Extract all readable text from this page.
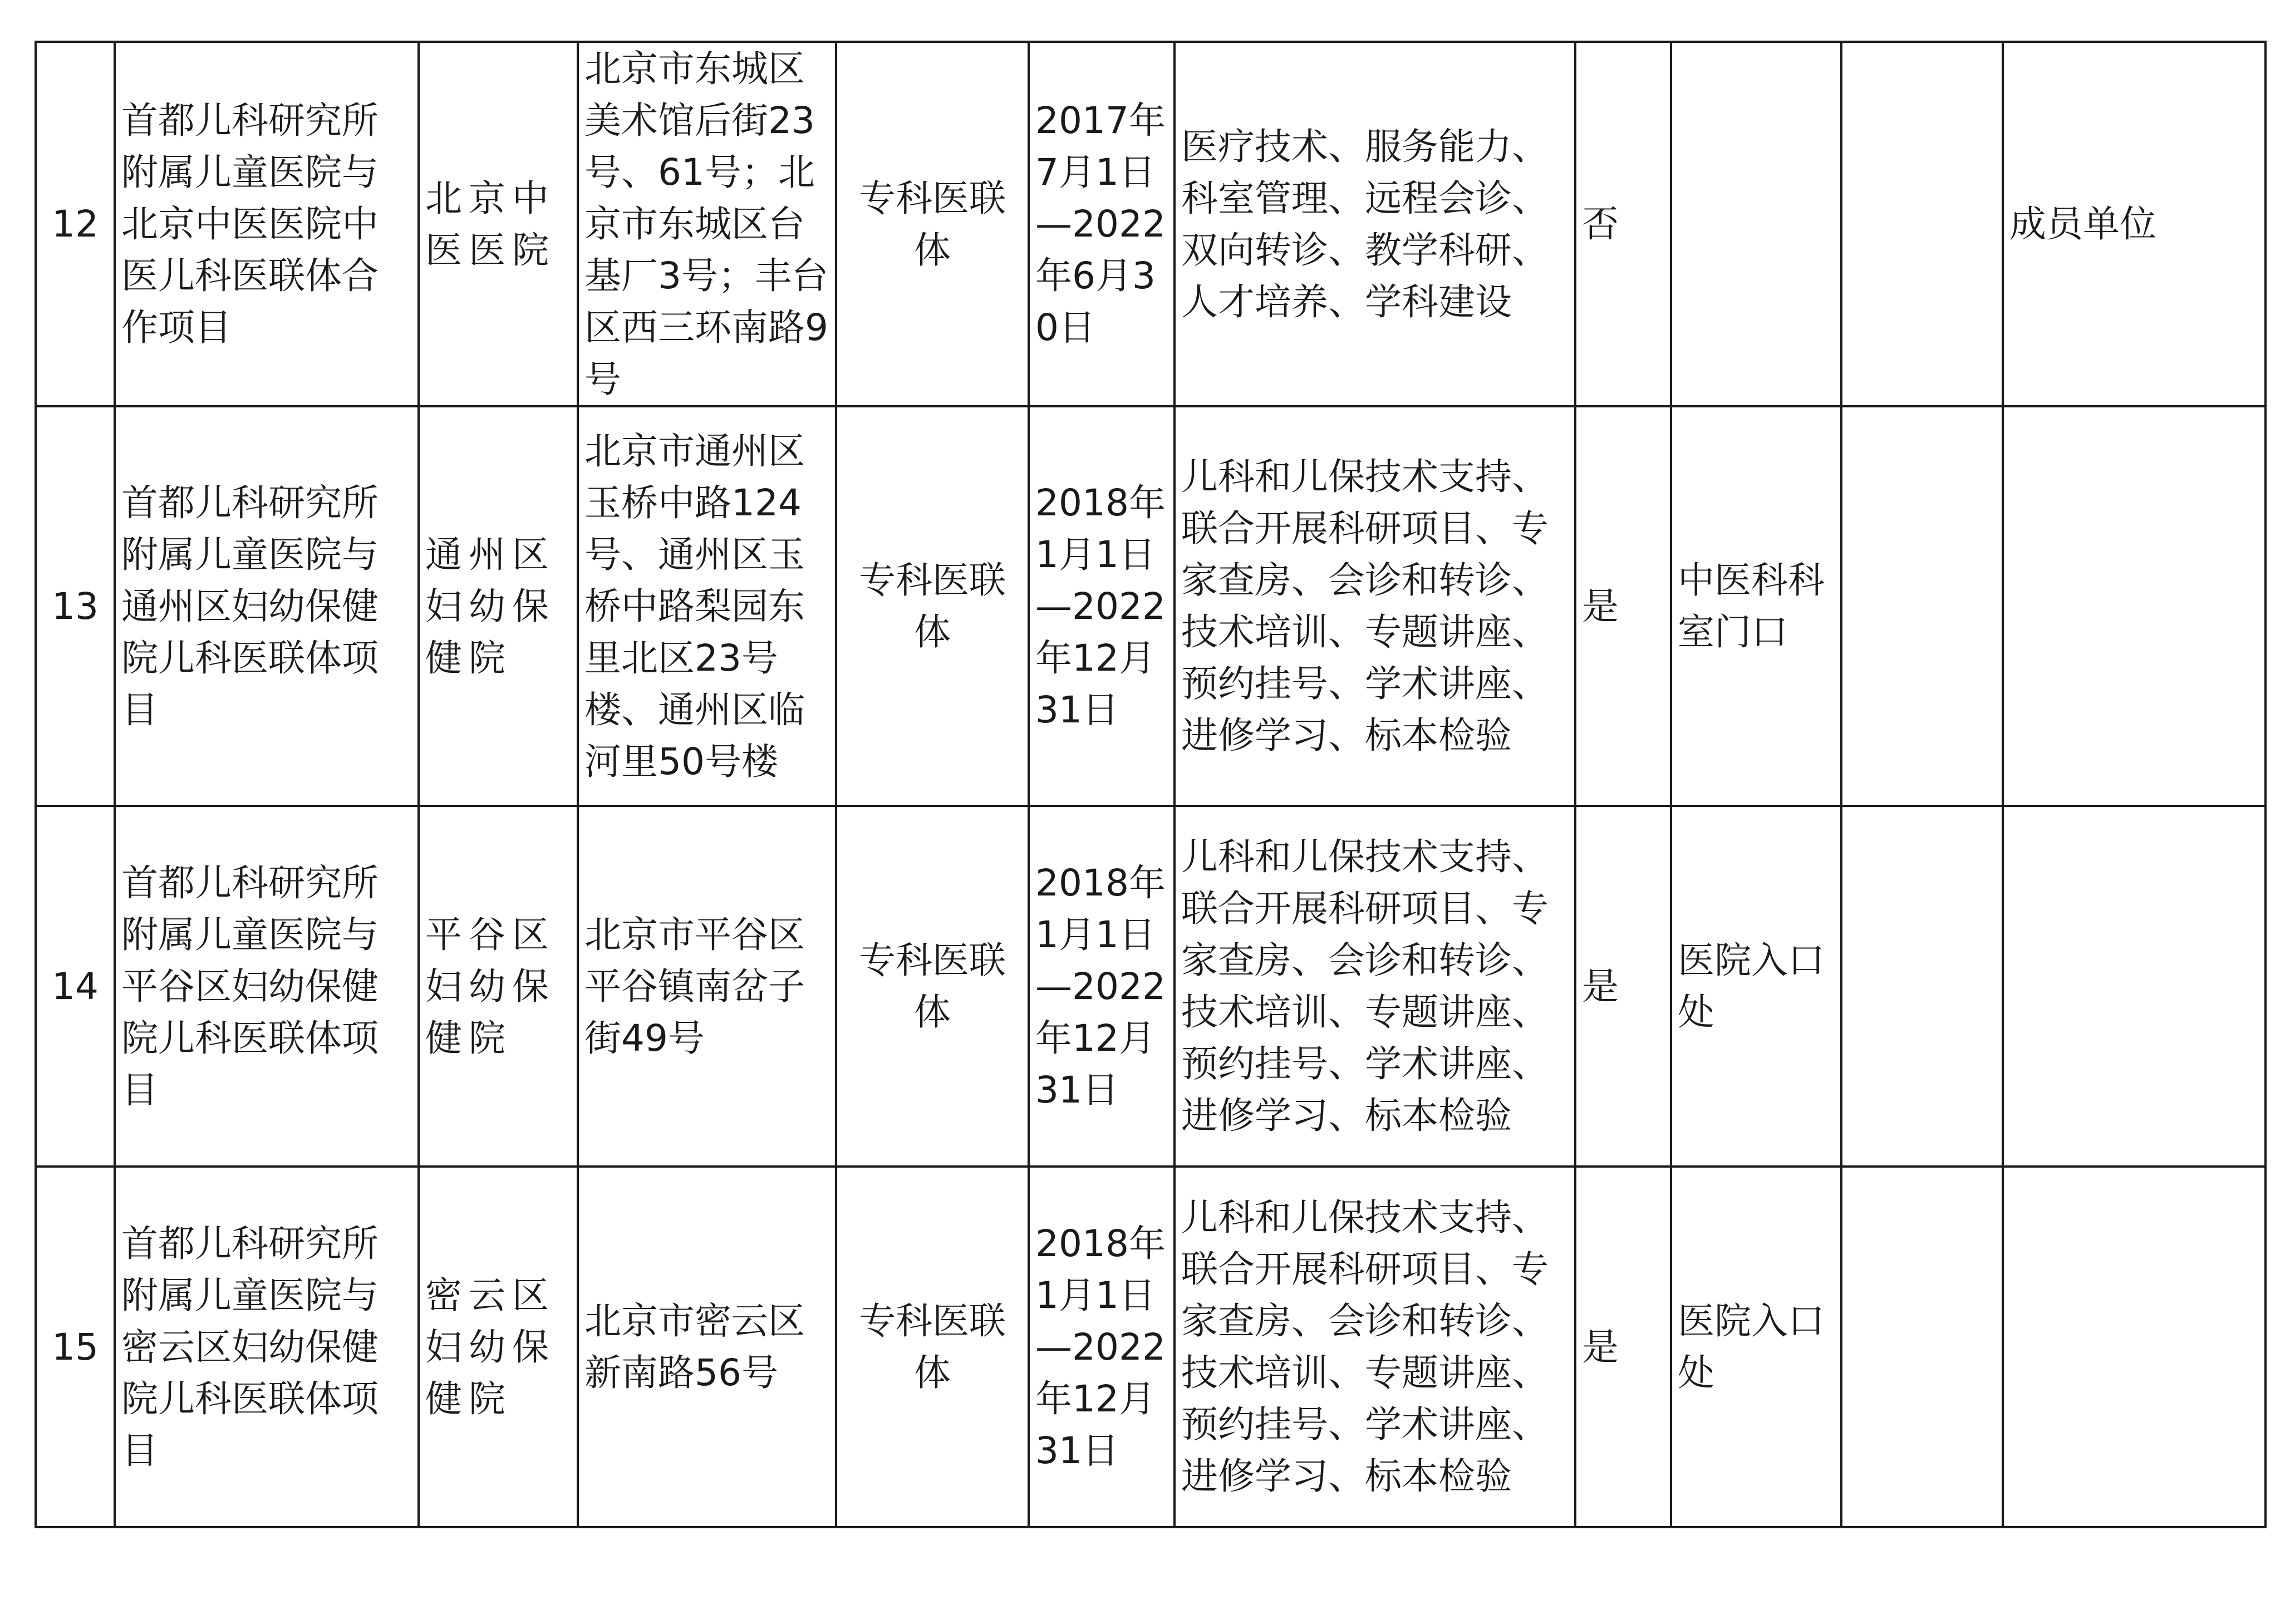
12	首都儿科研究所附属儿童医院与北京中医医院中医儿科医联体合作项目	北京中医医院	北京市东城区美术馆后街23号、61号；北京市东城区台基厂3号；丰台区西三环南路9号	专科医联体	2017年7月1日—2022年6月30日	医疗技术、服务能力、科室管理、远程会诊、双向转诊、教学科研、人才培养、学科建设	否			成员单位
13	首都儿科研究所附属儿童医院与通州区妇幼保健院儿科医联体项目	通州区妇幼保健院	北京市通州区玉桥中路124号、通州区玉桥中路梨园东里北区23号楼、通州区临河里50号楼	专科医联体	2018年1月1日—2022年12月31日	儿科和儿保技术支持、联合开展科研项目、专家查房、会诊和转诊、技术培训、专题讲座、预约挂号、学术讲座、进修学习、标本检验	是	中医科科室门口		
14	首都儿科研究所附属儿童医院与平谷区妇幼保健院儿科医联体项目	平谷区妇幼保健院	北京市平谷区平谷镇南岔子街49号	专科医联体	2018年1月1日—2022年12月31日	儿科和儿保技术支持、联合开展科研项目、专家查房、会诊和转诊、技术培训、专题讲座、预约挂号、学术讲座、进修学习、标本检验	是	医院入口处		
15	首都儿科研究所附属儿童医院与密云区妇幼保健院儿科医联体项目	密云区妇幼保健院	北京市密云区新南路56号	专科医联体	2018年1月1日—2022年12月31日	儿科和儿保技术支持、联合开展科研项目、专家查房、会诊和转诊、技术培训、专题讲座、预约挂号、学术讲座、进修学习、标本检验	是	医院入口处		
